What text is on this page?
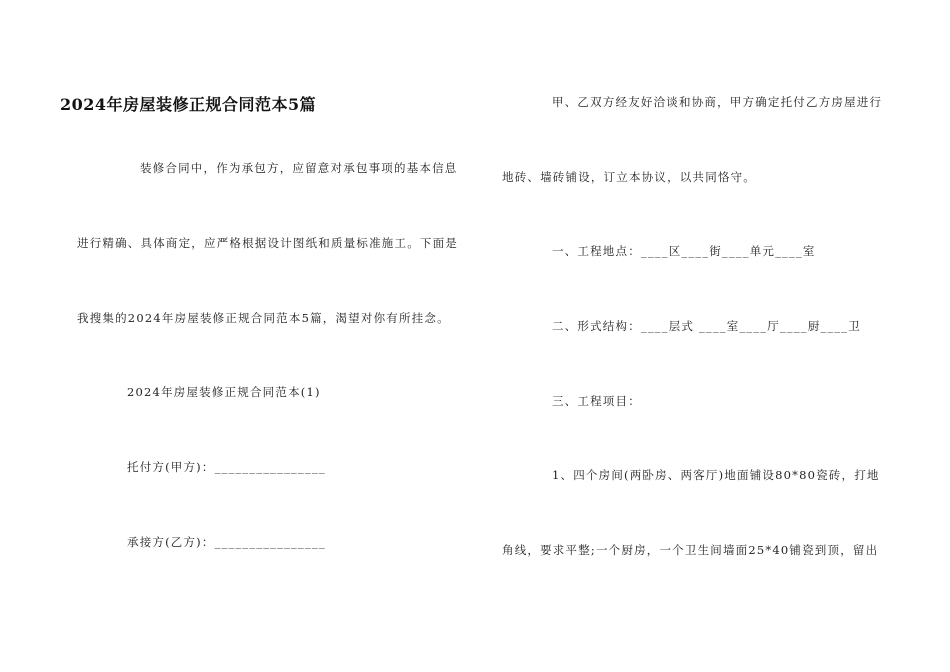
2024年房屋装修正规合同范本5篇
装修合同中，作为承包方，应留意对承包事项的基本信息
进行精确、具体商定，应严格根据设计图纸和质量标准施工。下面是
我搜集的2024年房屋装修正规合同范本5篇，渴望对你有所挂念。
2024年房屋装修正规合同范本(1)
托付方(甲方)：________________
承接方(乙方)：________________
甲、乙双方经友好洽谈和协商，甲方确定托付乙方房屋进行
地砖、墙砖铺设，订立本协议，以共同恪守。
一、工程地点：____区____街____单元____室
二、形式结构：____层式 ____室____厅____厨____卫
三、工程项目：
1、四个房间(两卧房、两客厅)地面铺设80*80瓷砖，打地
角线，要求平整;一个厨房，一个卫生间墙面25*40铺瓷到顶，留出
